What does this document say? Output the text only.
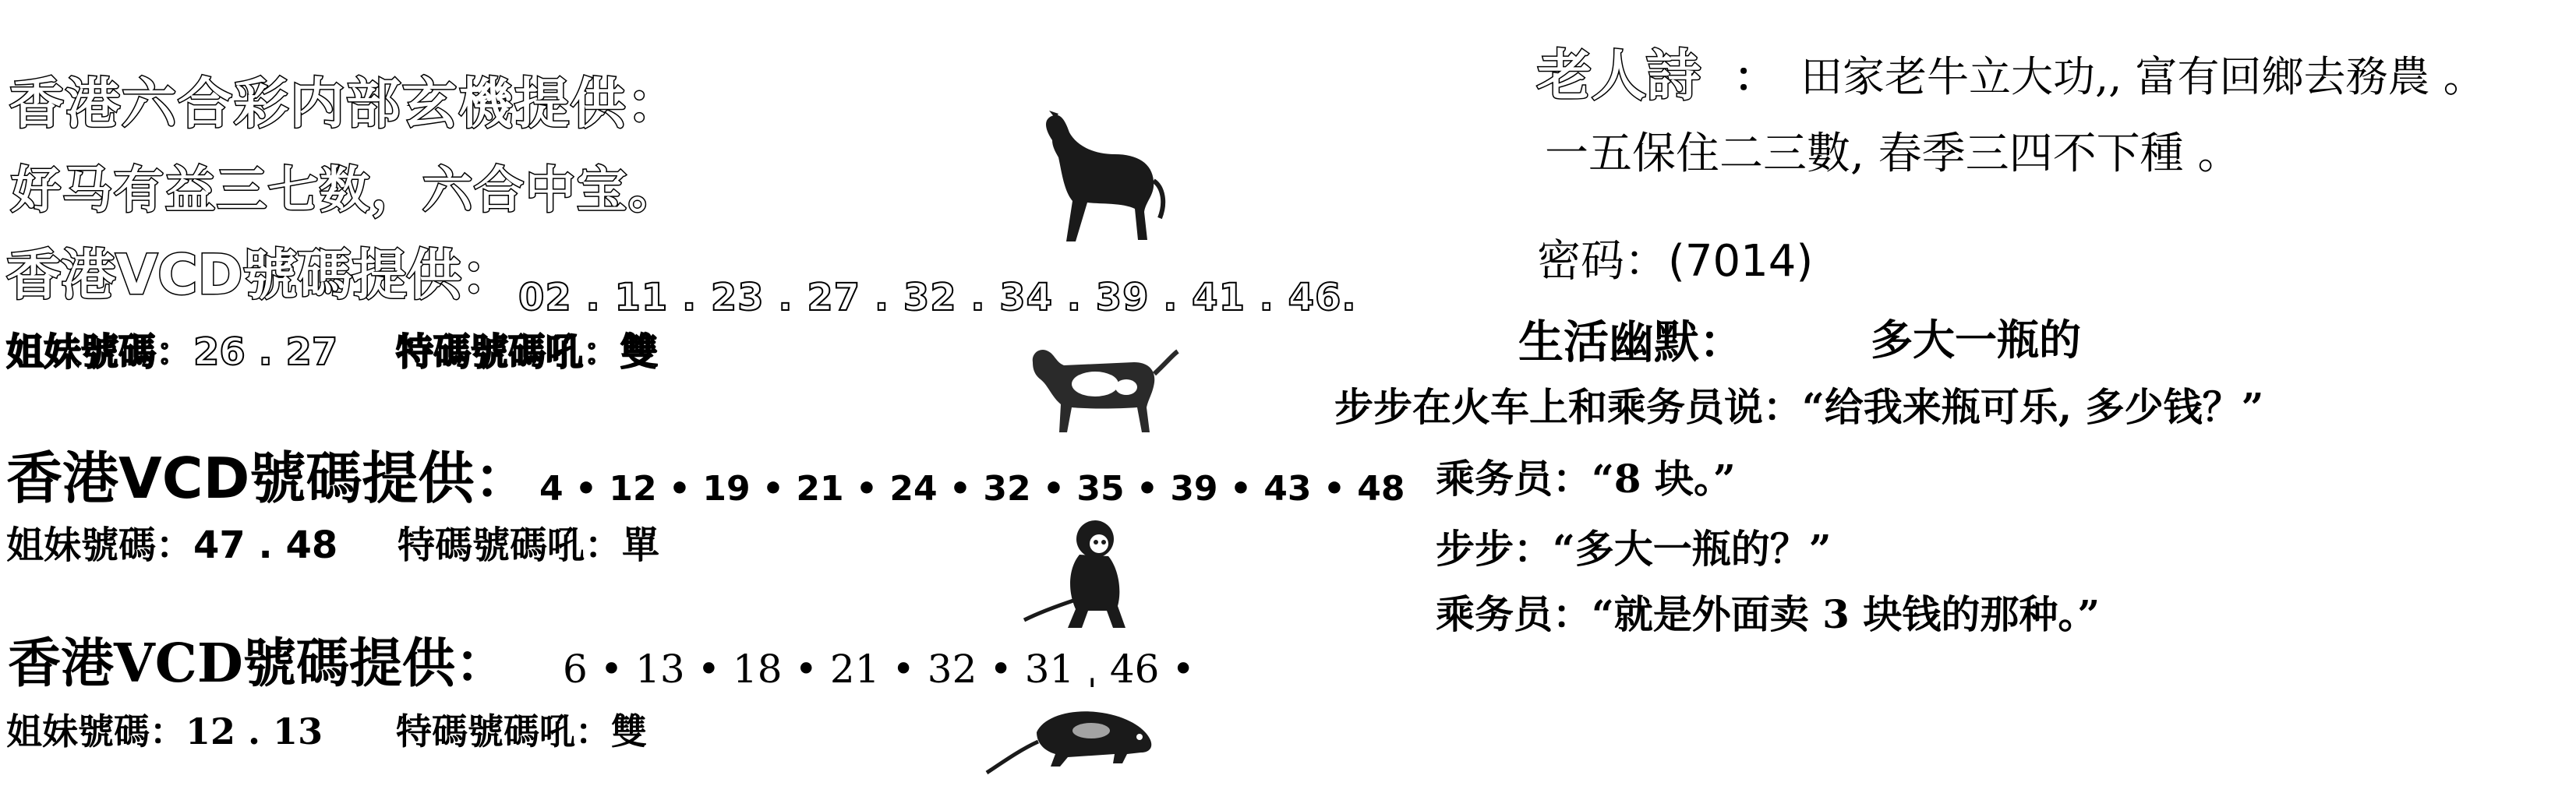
香港六合彩内部玄機提供：
好马有益三七数，六合中宝。
香港VCD號碼提供： 02 . 11 . 23 . 27 . 32 . 34 . 39 . 41 . 46.
姐妹號碼：26 . 27 特碼號碼吼：雙
香港VCD號碼提供： 4 • 12 • 19 • 21 • 24 • 32 • 35 • 39 • 43 • 48
姐妹號碼：47 . 48 特碼號碼吼：單
香港VCD號碼提供： 6 • 13 • 18 • 21 • 32 • 31 ˌ 46 •
姐妹號碼：12 . 13 特碼號碼吼：雙
老人詩 ： 田家老牛立大功,, 富有回鄉去務農 。
一五保住二三數, 春季三四不下種 。
密码：(7014)
生活幽默：	多大一瓶的
步步在火车上和乘务员说：“给我来瓶可乐, 多少钱？”
乘务员：“8 块。”
步步：“多大一瓶的？”
乘务员：“就是外面卖 3 块钱的那种。”
